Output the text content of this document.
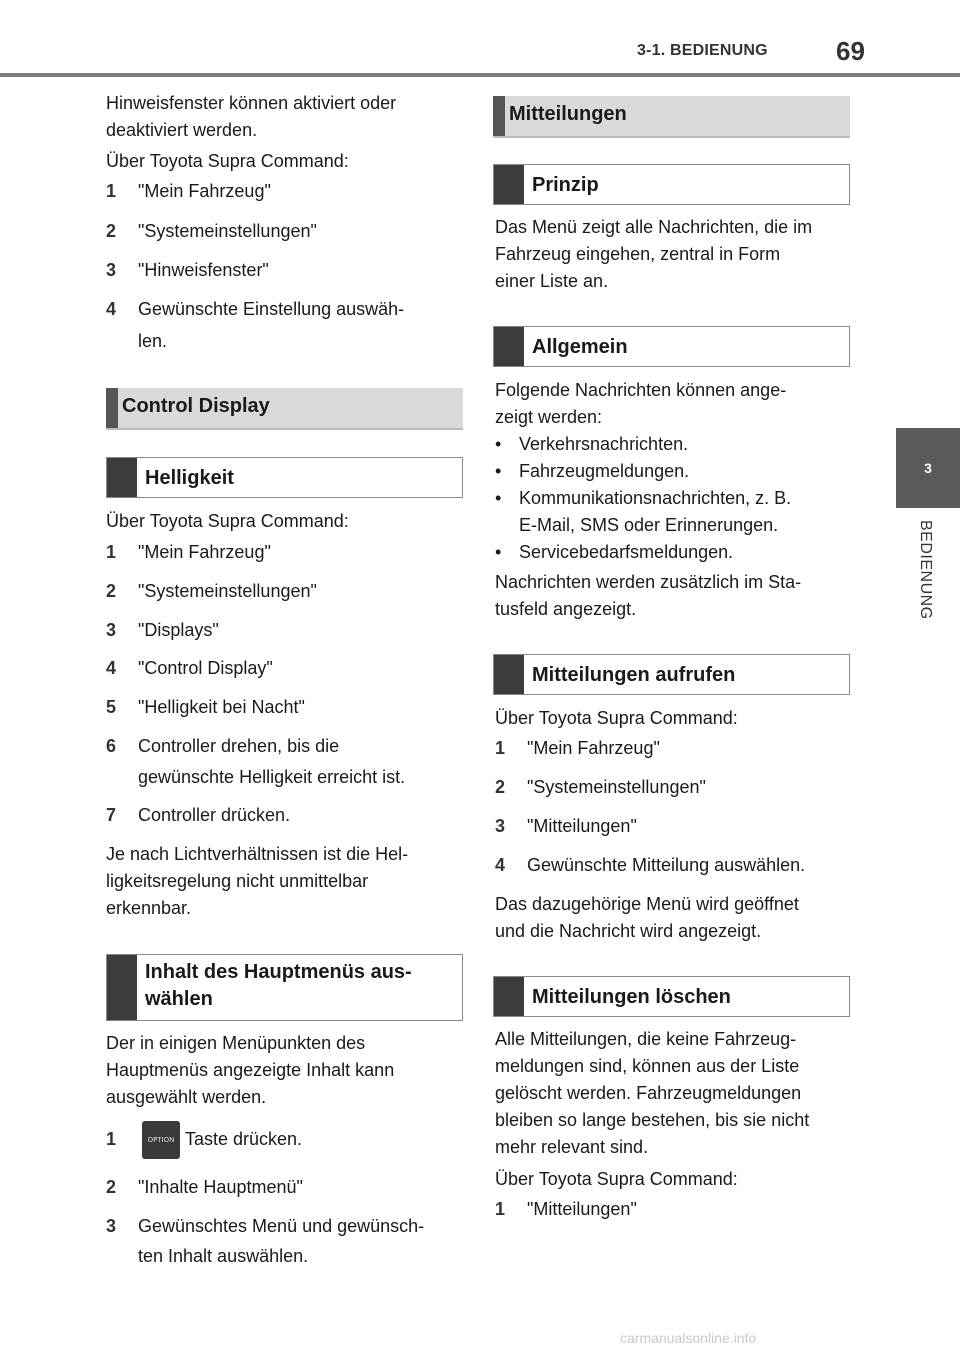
3-1. BEDIENUNG	69
3
BEDIENUNG
Hinweisfenster können aktiviert oder
deaktiviert werden.
Über Toyota Supra Command:
1 "Mein Fahrzeug"
2 "Systemeinstellungen"
3 "Hinweisfenster"
4 Gewünschte Einstellung auswäh-
len.
Control Display
Helligkeit
Über Toyota Supra Command:
1 "Mein Fahrzeug"
2 "Systemeinstellungen"
3 "Displays"
4 "Control Display"
5 "Helligkeit bei Nacht"
6 Controller drehen, bis die
gewünschte Helligkeit erreicht ist.
7 Controller drücken.
Je nach Lichtverhältnissen ist die Hel-
ligkeitsregelung nicht unmittelbar
erkennbar.
Inhalt des Hauptmenüs aus-
wählen
Der in einigen Menüpunkten des
Hauptmenüs angezeigte Inhalt kann
ausgewählt werden.
1	OPTION Taste drücken.
2 "Inhalte Hauptmenü"
3 Gewünschtes Menü und gewünsch-
ten Inhalt auswählen.
Mitteilungen
Prinzip
Das Menü zeigt alle Nachrichten, die im
Fahrzeug eingehen, zentral in Form
einer Liste an.
Allgemein
Folgende Nachrichten können ange-
zeigt werden:
• Verkehrsnachrichten.
• Fahrzeugmeldungen.
• Kommunikationsnachrichten, z. B.
E-Mail, SMS oder Erinnerungen.
• Servicebedarfsmeldungen.
Nachrichten werden zusätzlich im Sta-
tusfeld angezeigt.
Mitteilungen aufrufen
Über Toyota Supra Command:
1 "Mein Fahrzeug"
2 "Systemeinstellungen"
3 "Mitteilungen"
4 Gewünschte Mitteilung auswählen.
Das dazugehörige Menü wird geöffnet
und die Nachricht wird angezeigt.
Mitteilungen löschen
Alle Mitteilungen, die keine Fahrzeug-
meldungen sind, können aus der Liste
gelöscht werden. Fahrzeugmeldungen
bleiben so lange bestehen, bis sie nicht
mehr relevant sind.
Über Toyota Supra Command:
1 "Mitteilungen"
carmanualsonline.info
